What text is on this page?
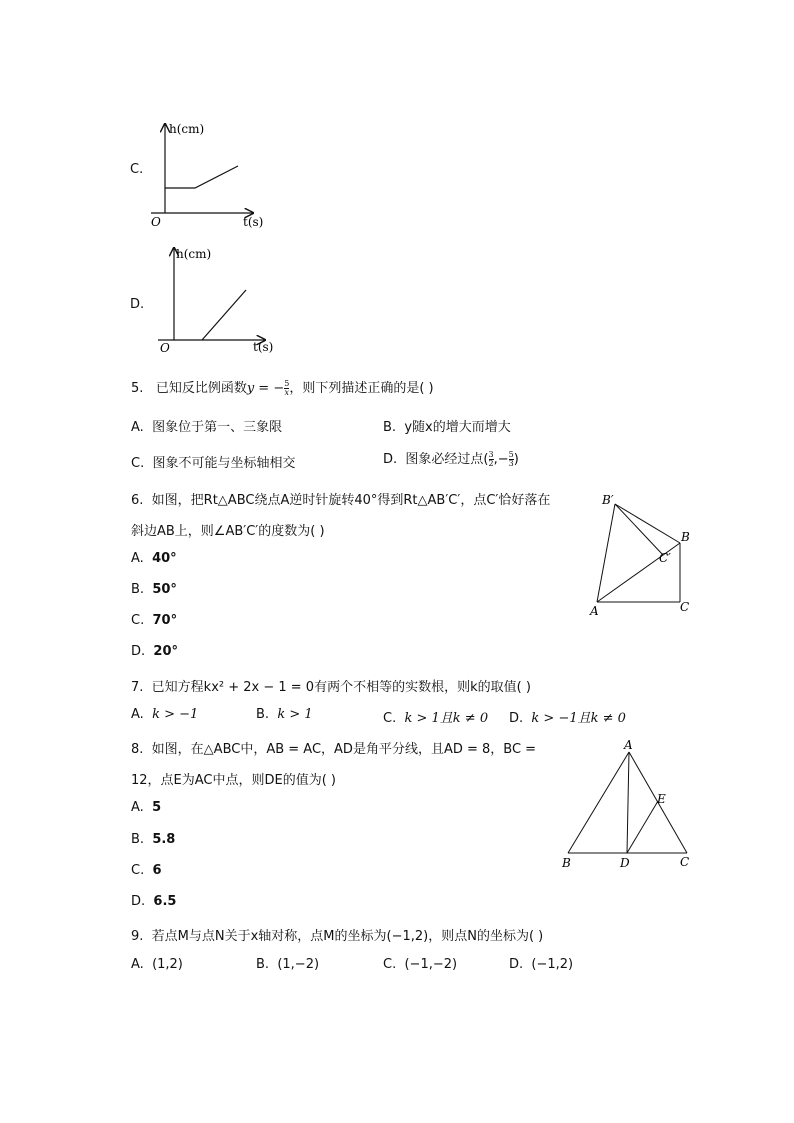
C.
h(cm)
t(s)
O
D.
h(cm)
t(s)
O
5. 已知反比例函数y = − $\frac{5}{x}$ ，则下列描述正确的是( )
A. 图象位于第一、三象限	B. y随x的增大而增大
C. 图象不可能与坐标轴相交	D. 图象必经过点( $\frac{3}{2}$ ,− $\frac{5}{3}$ )
6. 如图，把Rt△ABC绕点A逆时针旋转40°得到Rt△AB′C′，点C′恰好落在
斜边AB上，则∠AB′C′的度数为( )
A. 40°
B. 50°
C. 70°
D. 20°
B′
B
C′
A	C
7. 已知方程kx² + 2x − 1 = 0有两个不相等的实数根，则k的取值( )
A. k > −1	B. k > 1	C. k > 1且k ≠ 0 D. k > −1且k ≠ 0
8. 如图，在△ABC中，AB = AC，AD是角平分线，且AD = 8，BC =
12，点E为AC中点，则DE的值为( )
A. 5
B. 5.8
C. 6
D. 6.5
A
B	C
D
E
9. 若点M与点N关于x轴对称，点M的坐标为(−1,2)，则点N的坐标为( )
A. (1,2)	B. (1,−2)	C. (−1,−2)	D. (−1,2)
